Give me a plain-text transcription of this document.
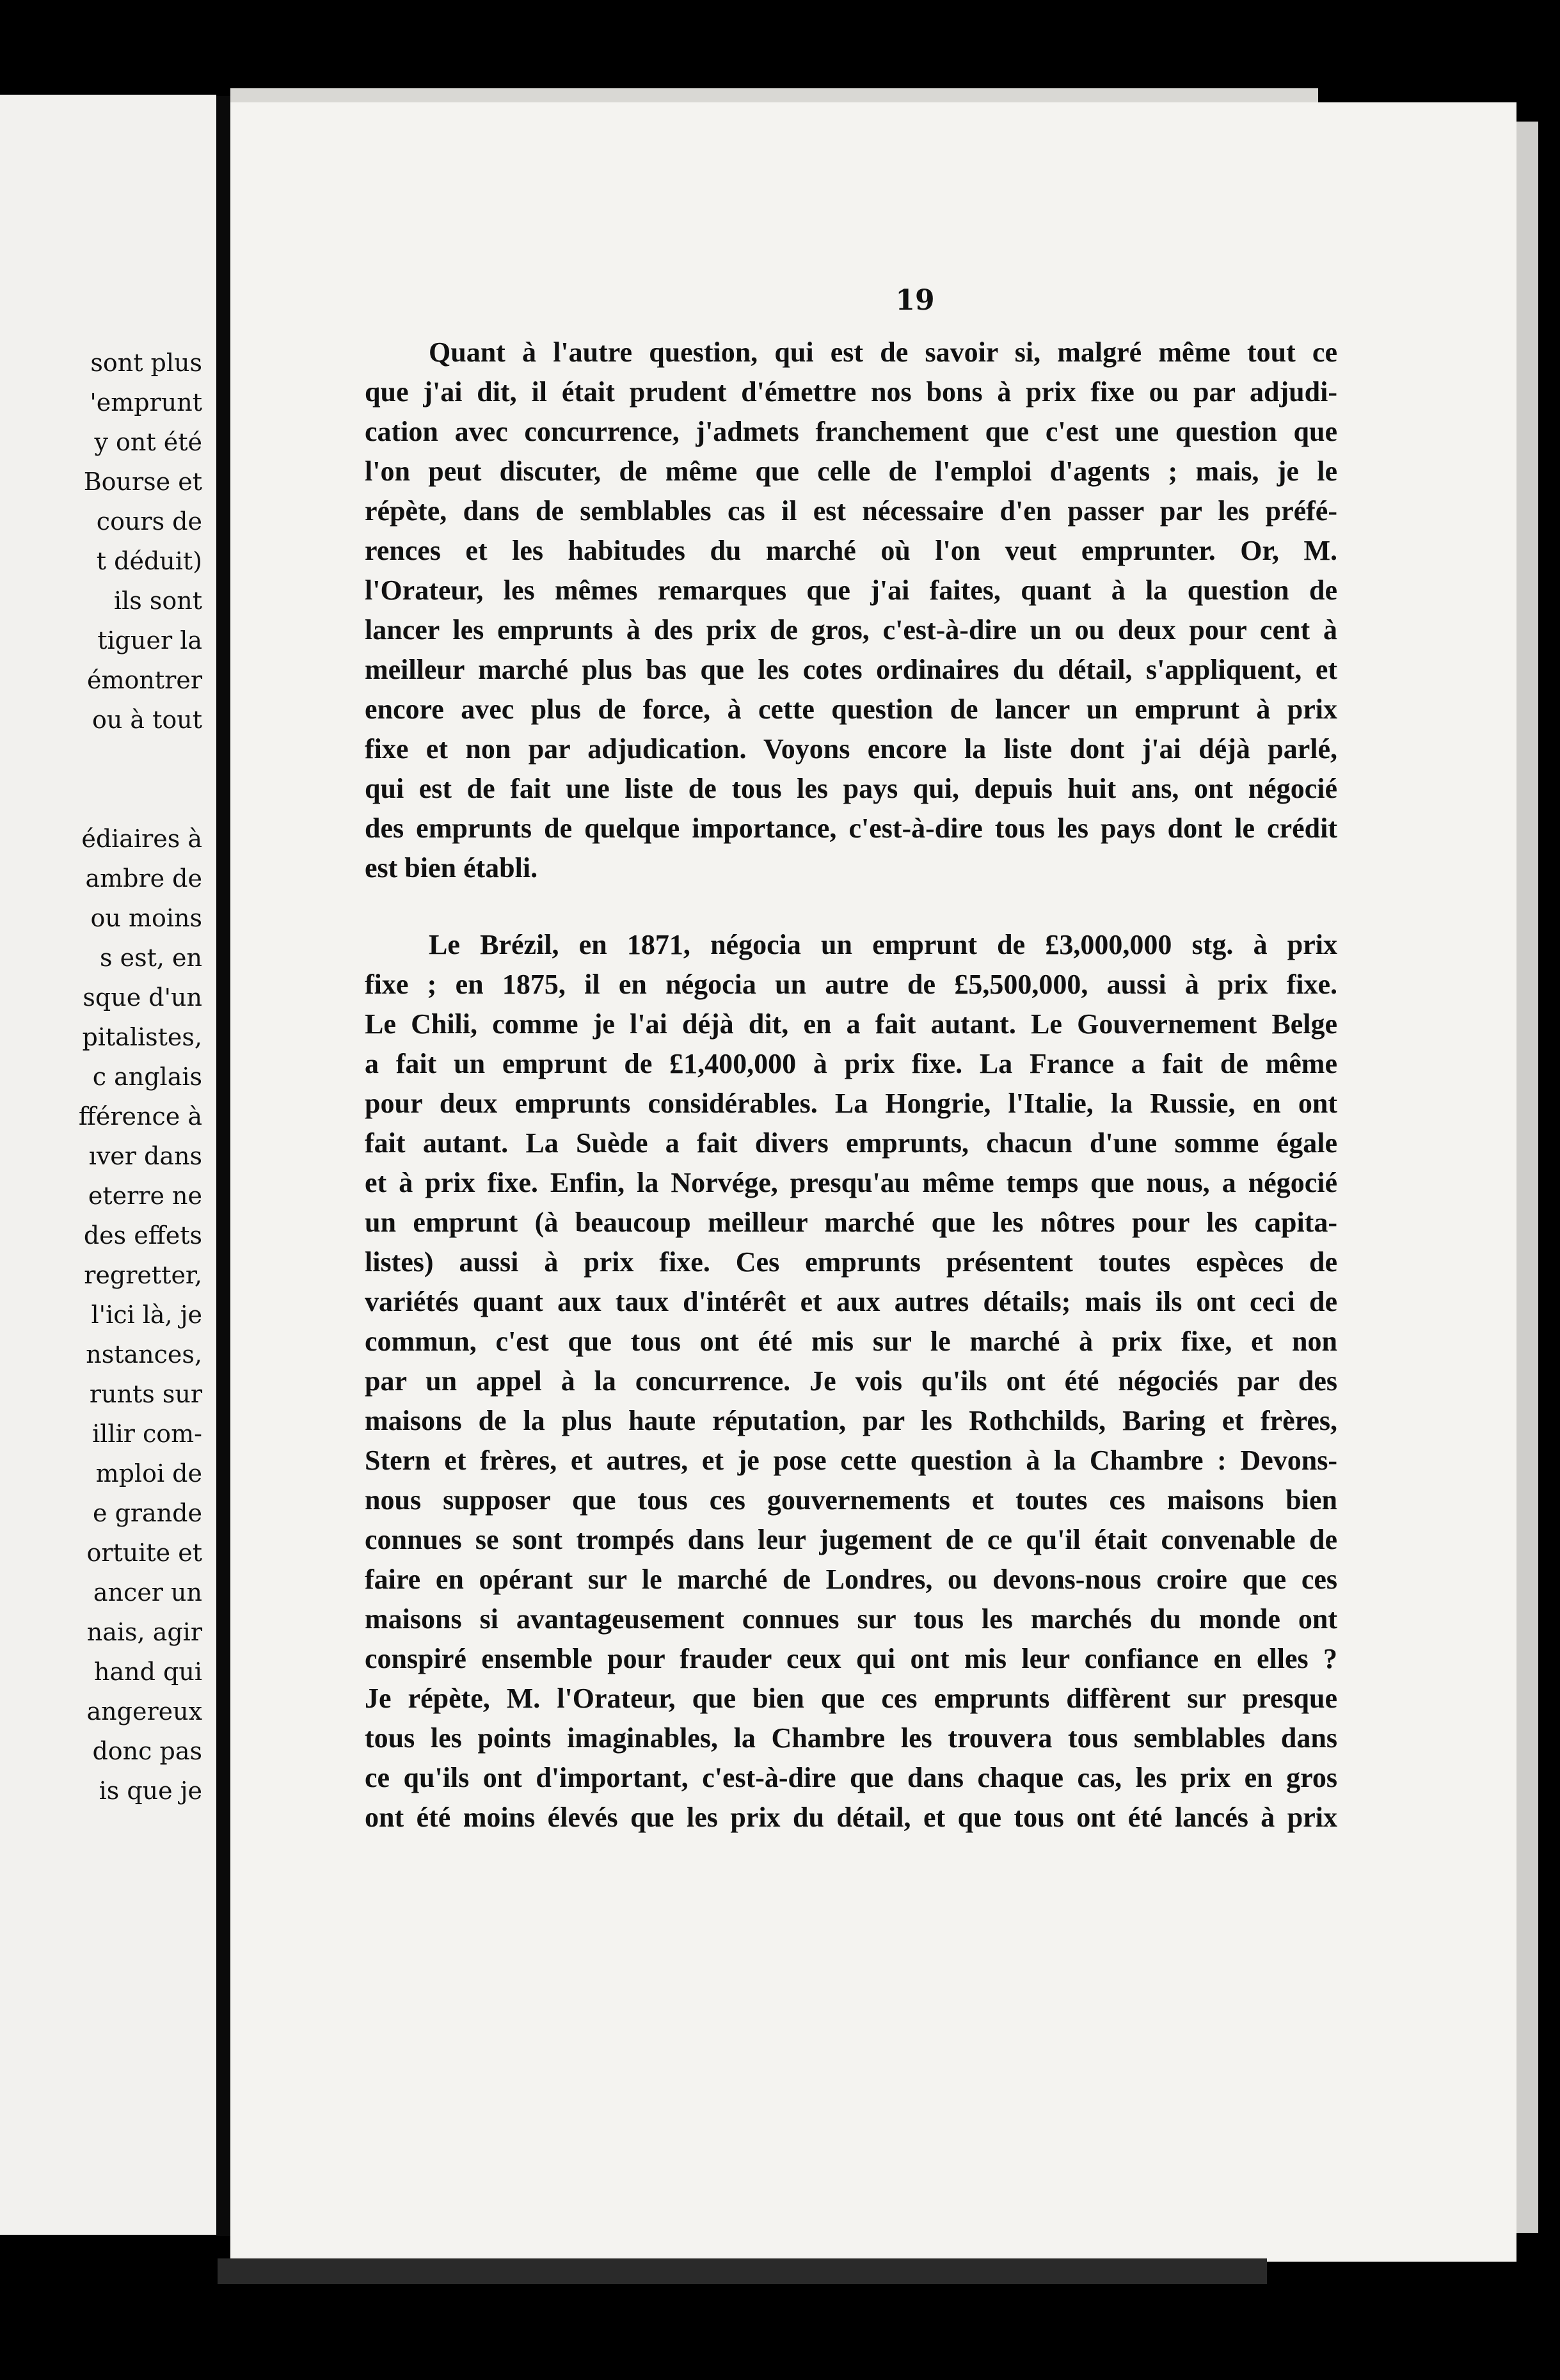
sont plus
'emprunt
y ont été
Bourse et
cours de
t déduit)
ils sont
tiguer la
émontrer
ou à tout
édiaires à
ambre de
ou moins
s est, en
sque d'un
pitalistes,
c anglais
fférence à
ıver dans
eterre ne
des effets
regretter,
l'ici là, je
nstances,
runts sur
illir com-
mploi de
e grande
ortuite et
ancer un
nais, agir
hand qui
angereux
donc pas
is que je
19
Quant à l'autre question, qui est de savoir si, malgré même tout ce
que j'ai dit, il était prudent d'émettre nos bons à prix fixe ou par adjudi-
cation avec concurrence, j'admets franchement que c'est une question que
l'on peut discuter, de même que celle de l'emploi d'agents ; mais, je le
répète, dans de semblables cas il est nécessaire d'en passer par les préfé-
rences et les habitudes du marché où l'on veut emprunter. Or, M.
l'Orateur, les mêmes remarques que j'ai faites, quant à la question de
lancer les emprunts à des prix de gros, c'est-à-dire un ou deux pour cent à
meilleur marché plus bas que les cotes ordinaires du détail, s'appliquent, et
encore avec plus de force, à cette question de lancer un emprunt à prix
fixe et non par adjudication. Voyons encore la liste dont j'ai déjà parlé,
qui est de fait une liste de tous les pays qui, depuis huit ans, ont négocié
des emprunts de quelque importance, c'est-à-dire tous les pays dont le crédit
est bien établi.
Le Brézil, en 1871, négocia un emprunt de £3,000,000 stg. à prix
fixe ; en 1875, il en négocia un autre de £5,500,000, aussi à prix fixe.
Le Chili, comme je l'ai déjà dit, en a fait autant. Le Gouvernement Belge
a fait un emprunt de £1,400,000 à prix fixe. La France a fait de même
pour deux emprunts considérables. La Hongrie, l'Italie, la Russie, en ont
fait autant. La Suède a fait divers emprunts, chacun d'une somme égale
et à prix fixe. Enfin, la Norvége, presqu'au même temps que nous, a négocié
un emprunt (à beaucoup meilleur marché que les nôtres pour les capita-
listes) aussi à prix fixe. Ces emprunts présentent toutes espèces de
variétés quant aux taux d'intérêt et aux autres détails; mais ils ont ceci de
commun, c'est que tous ont été mis sur le marché à prix fixe, et non
par un appel à la concurrence. Je vois qu'ils ont été négociés par des
maisons de la plus haute réputation, par les Rothchilds, Baring et frères,
Stern et frères, et autres, et je pose cette question à la Chambre : Devons-
nous supposer que tous ces gouvernements et toutes ces maisons bien
connues se sont trompés dans leur jugement de ce qu'il était convenable de
faire en opérant sur le marché de Londres, ou devons-nous croire que ces
maisons si avantageusement connues sur tous les marchés du monde ont
conspiré ensemble pour frauder ceux qui ont mis leur confiance en elles ?
Je répète, M. l'Orateur, que bien que ces emprunts diffèrent sur presque
tous les points imaginables, la Chambre les trouvera tous semblables dans
ce qu'ils ont d'important, c'est-à-dire que dans chaque cas, les prix en gros
ont été moins élevés que les prix du détail, et que tous ont été lancés à prix
